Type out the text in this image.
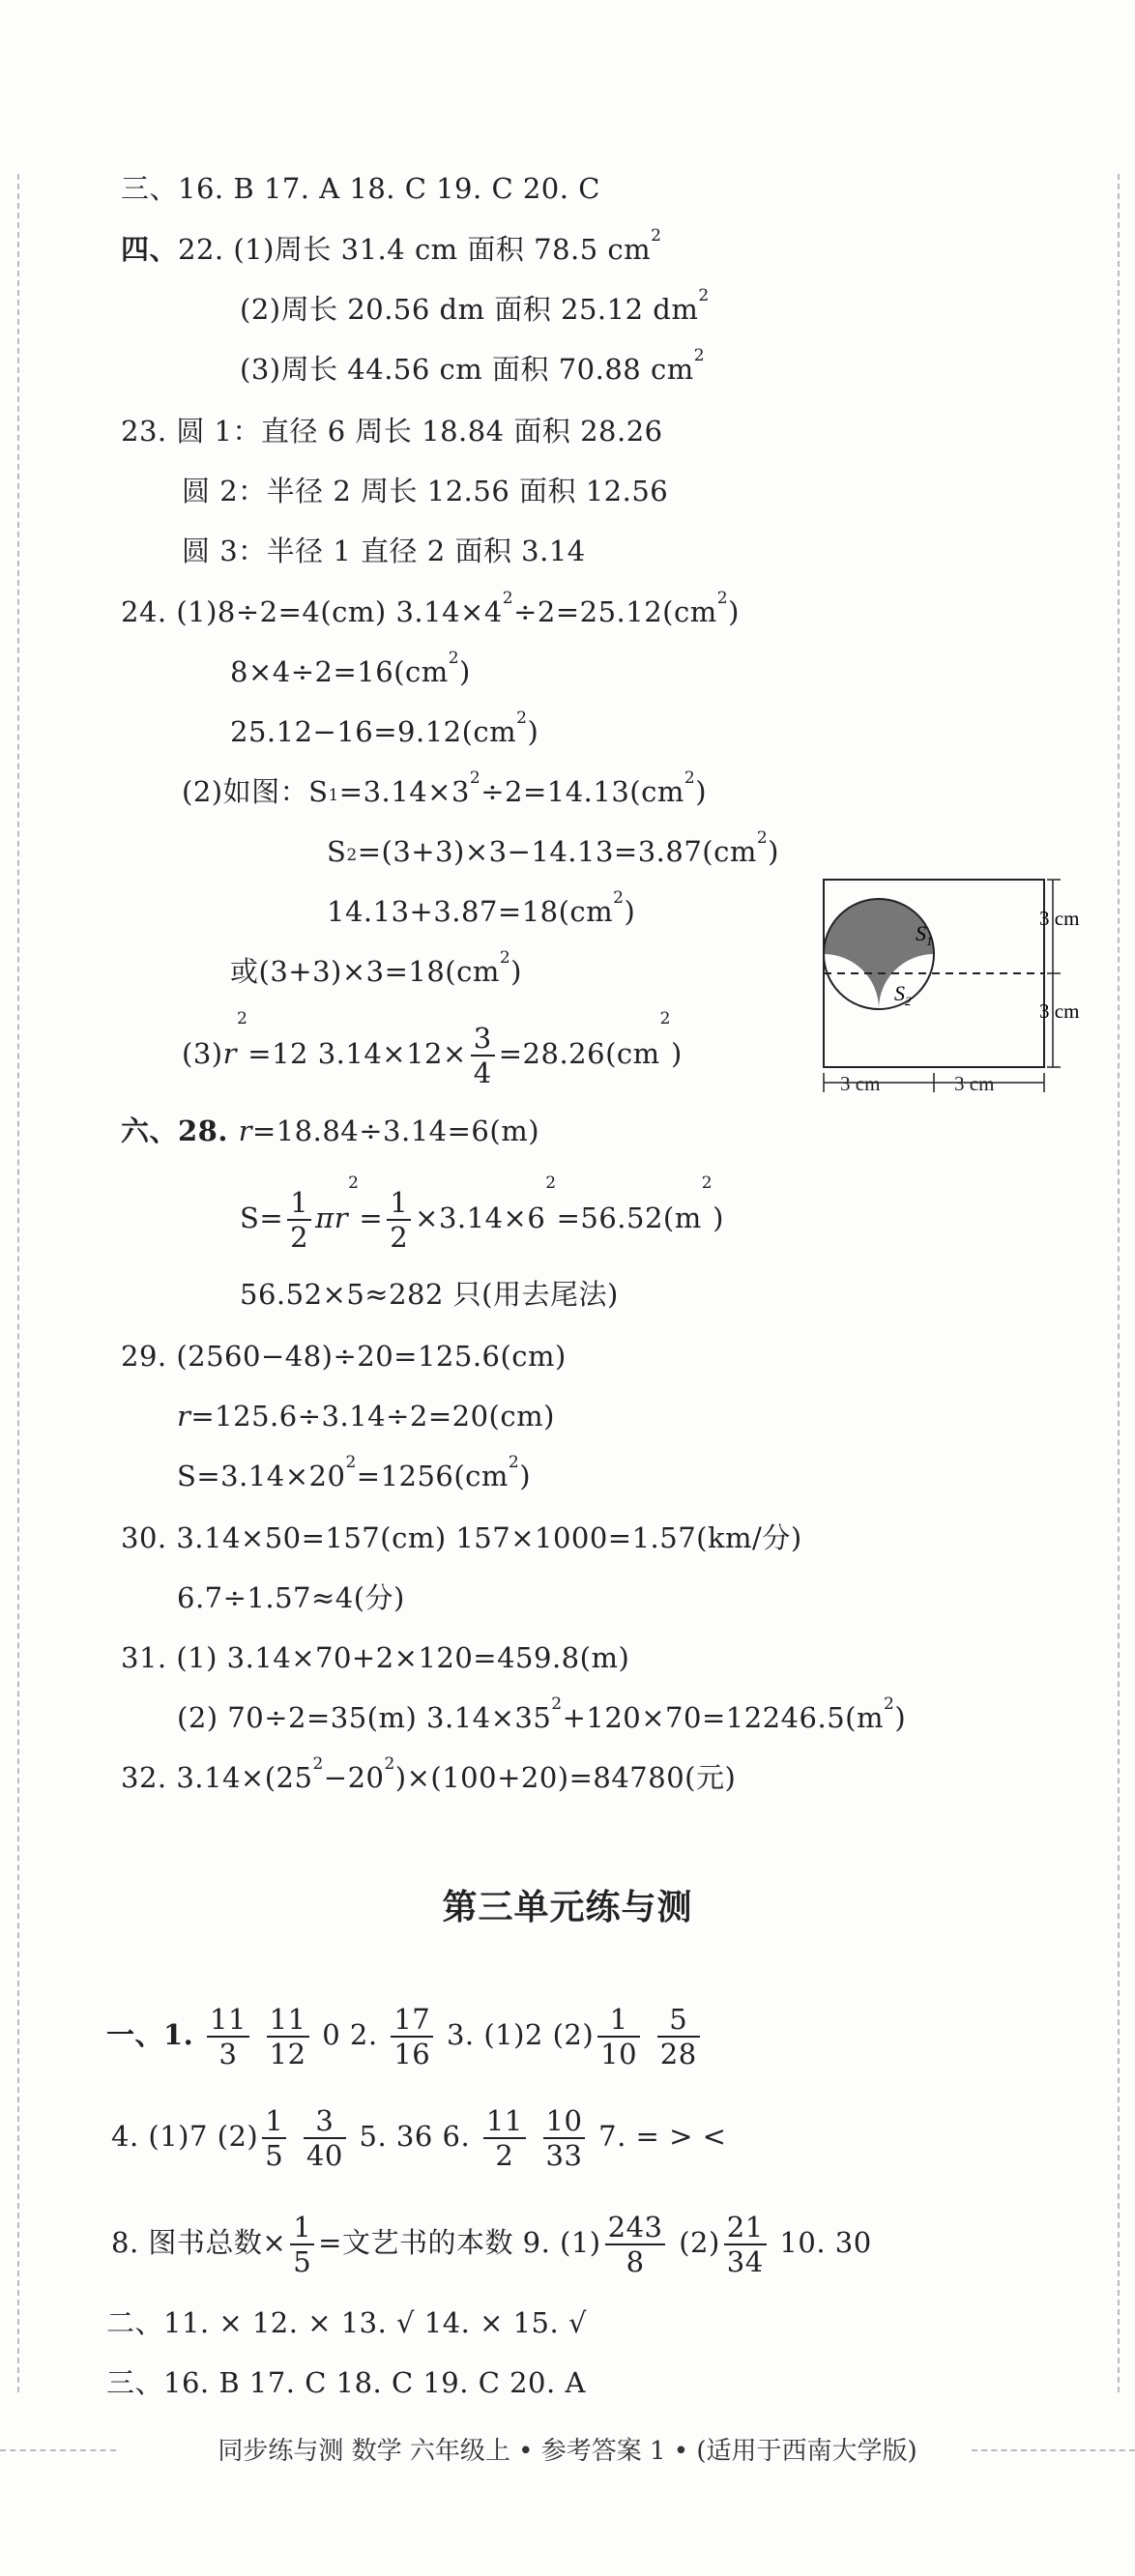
三、16. B 17. A 18. C 19. C 20. C
四、22. (1)周长 31.4 cm 面积 78.5 $cm^2$
(2)周长 20.56 dm 面积 25.12 $dm^2$
(3)周长 44.56 cm 面积 70.88 $cm^2$
23. 圆 1：直径 6 周长 18.84 面积 28.26
圆 2：半径 2 周长 12.56 面积 12.56
圆 3：半径 1 直径 2 面积 3.14
24. (1)8÷2=4(cm) $3.14\times 4^2\div 2=25.12(cm^2)$
$8\times 4\div 2=16(cm^2)$
$25.12-16=9.12(cm^2)$
(2)如图：$S_1=3.14\times 3^2\div 2=14.13(cm^2)$
$S_2=(3+3)\times 3-14.13=3.87(cm^2)$
$14.13+3.87=18(cm^2)$
或$(3+3)\times 3=18(cm^2)$
$(3)r^2=12$ $3.14\times 12\times \frac{3}{4} =28.26(cm^2)$
$S_1$
$S_2$
3 cm
3 cm
3 cm	3 cm
六、28. r=18.84÷3.14=6(m)
$S= \frac{1}{2} \pi r^2= \frac{1}{2} \times 3.14\times 6^2=56.52(m^2)$
56.52×5≈282 只(用去尾法)
29. (2560−48)÷20=125.6(cm)
r=125.6÷3.14÷2=20(cm)
$S=3.14\times 20^2=1256(cm^2)$
30. 3.14×50=157(cm) 157×1000=1.57(km/分)
6.7÷1.57≈4(分)
31. (1) 3.14×70+2×120=459.8(m)
(2) 70÷2=35(m) $3.14\times 35^2+120\times 70=12246.5(m^2)$
32. $3.14\times(25^2-20^2)\times(100+20)=84780$(元)
第三单元练与测
一、1. $\frac{11}{3}$
$\frac{11}{12} 0$ 2. $\frac{17}{16} 3$. (1)2 $(2) \frac{1}{10}$
$\frac{5}{28}$
4. (1)7 $(2) \frac{1}{5}$
$\frac{3}{40} 5$. 36 6. $\frac{11}{2}$
$\frac{10}{33} 7$. = > <
8. 图书总数× $\frac{1}{5}$ =文艺书的本数 9. $(1) \frac{243}{8} (2) \frac{21}{34} 10$. 30
二、11. × 12. × 13. √ 14. × 15. √
三、16. B 17. C 18. C 19. C 20. A
同步练与测 数学 六年级上 • 参考答案 1 • (适用于西南大学版)
